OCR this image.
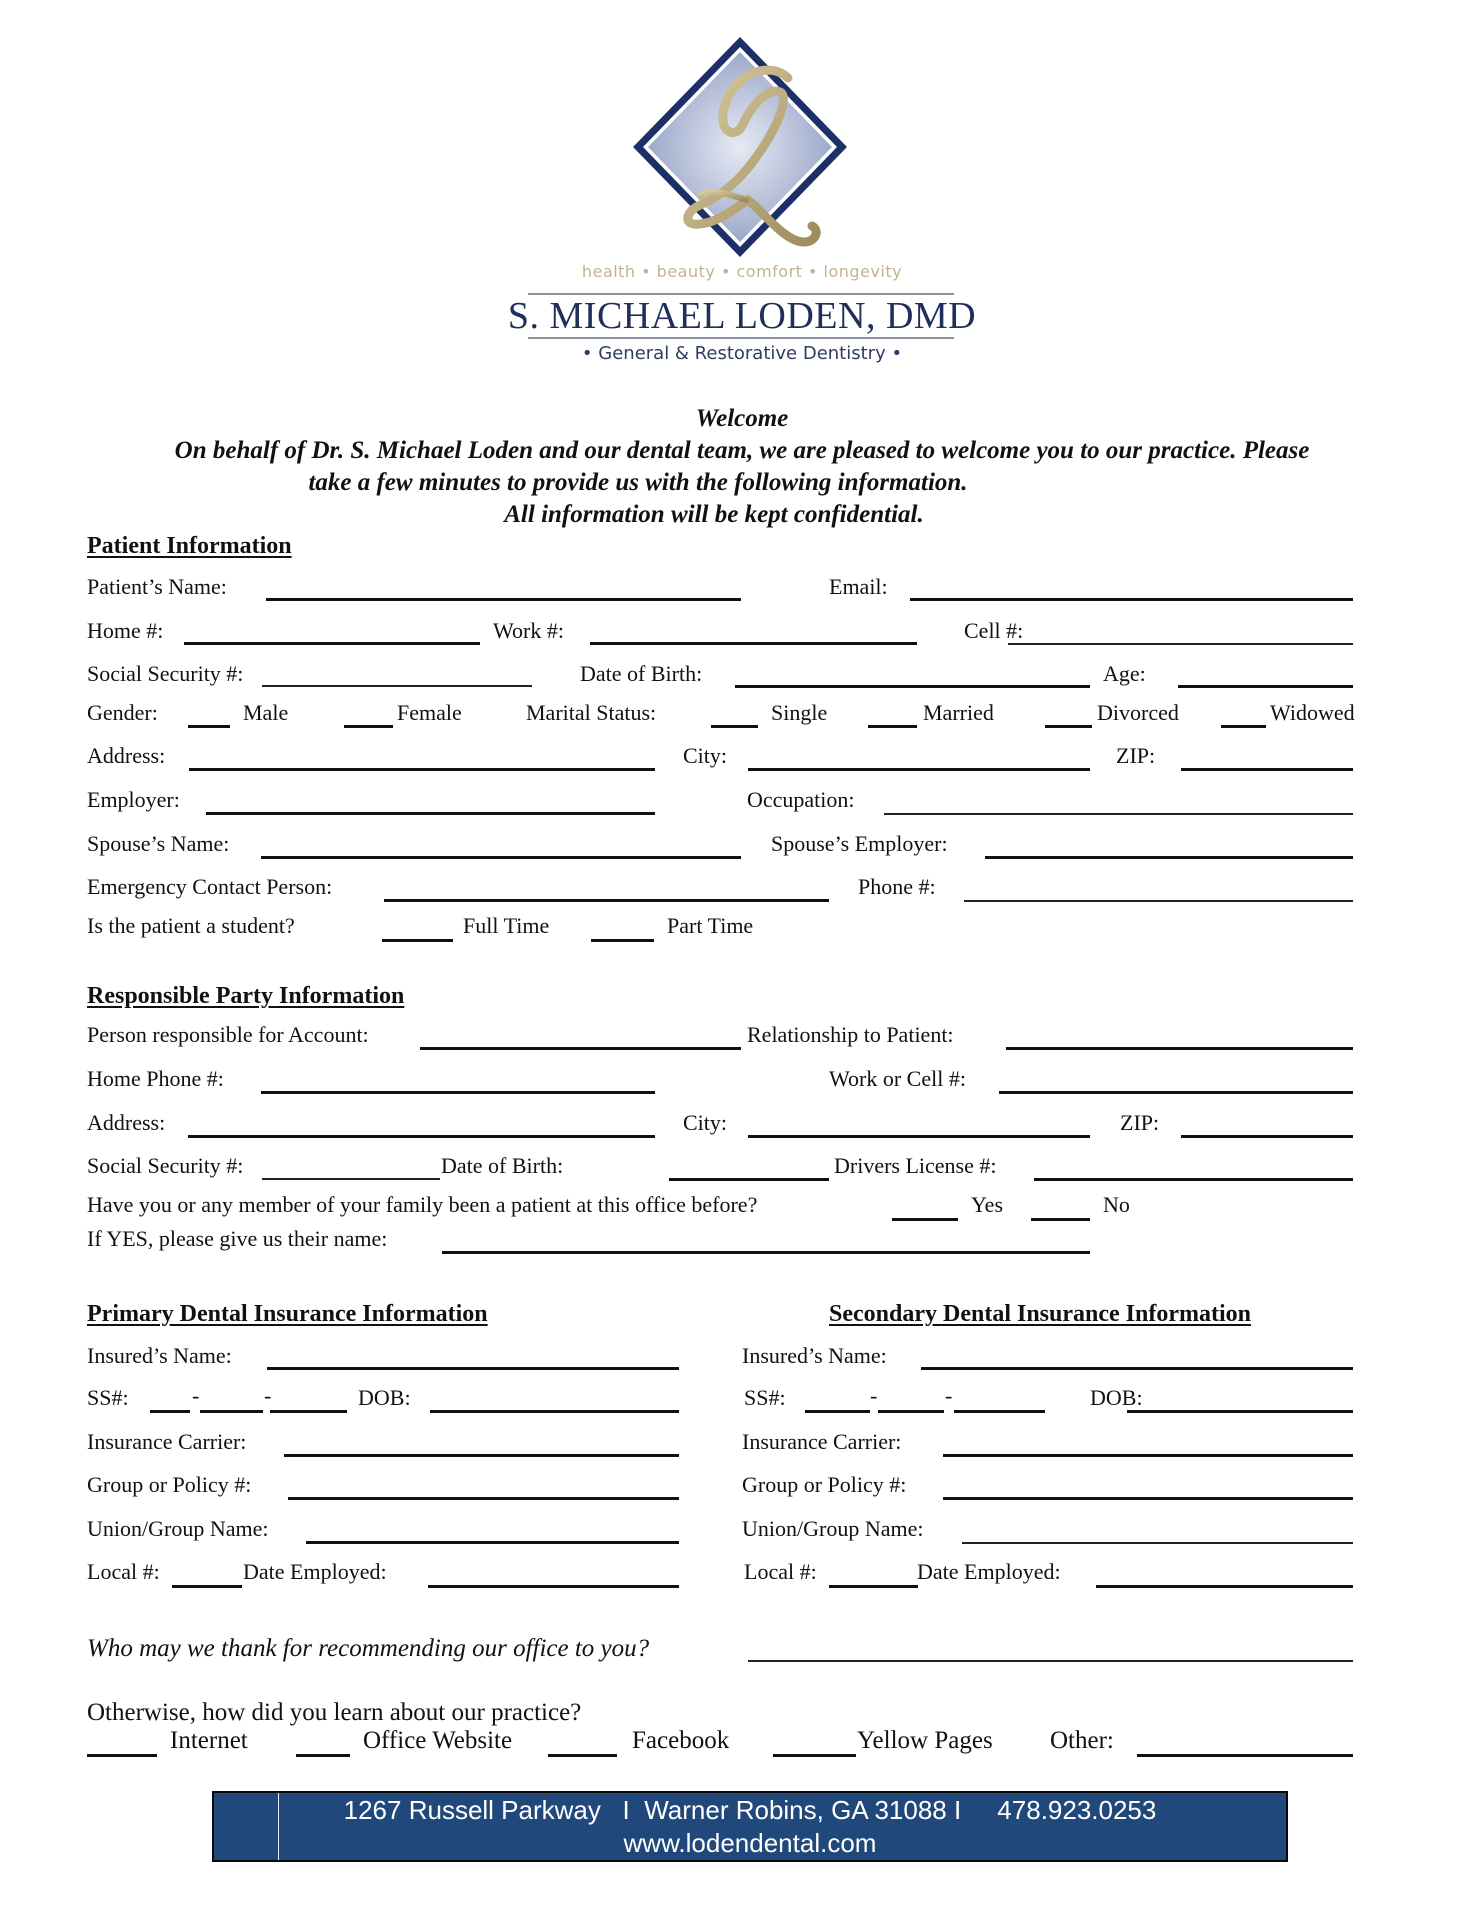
health • beauty • comfort • longevity
S. MICHAEL LODEN, DMD
• General & Restorative Dentistry •
Welcome
On behalf of Dr. S. Michael Loden and our dental team, we are pleased to welcome you to our practice. Please
take a few minutes to provide us with the following information.
All information will be kept confidential.
Patient Information
Patient’s Name:	Email:
Home #:	Work #:	Cell #:
Social Security #:	Date of Birth:	Age:
Gender:	Male	Female	Marital Status:	Single	Married	Divorced	Widowed
Address:	City:	ZIP:
Employer:	Occupation:
Spouse’s Name:	Spouse’s Employer:
Emergency Contact Person:	Phone #:
Is the patient a student?	Full Time	Part Time
Responsible Party Information
Person responsible for Account:	Relationship to Patient:
Home Phone #:	Work or Cell #:
Address:	City:	ZIP:
Social Security #:	Date of Birth:	Drivers License #:
Have you or any member of your family been a patient at this office before?	Yes	No
If YES, please give us their name:
Primary Dental Insurance Information
Insured’s Name:
SS#:	-	-	DOB:
Insurance Carrier:
Group or Policy #:
Union/Group Name:
Local #:	Date Employed:
Secondary Dental Insurance Information
Insured’s Name:
SS#:	-	-	DOB:
Insurance Carrier:
Group or Policy #:
Union/Group Name:
Local #:	Date Employed:
Who may we thank for recommending our office to you?
Otherwise, how did you learn about our practice?
Internet	Office Website	Facebook	Yellow Pages Other:
1267 Russell Parkway   I  Warner Robins, GA 31088 I     478.923.0253
www.lodendental.com
